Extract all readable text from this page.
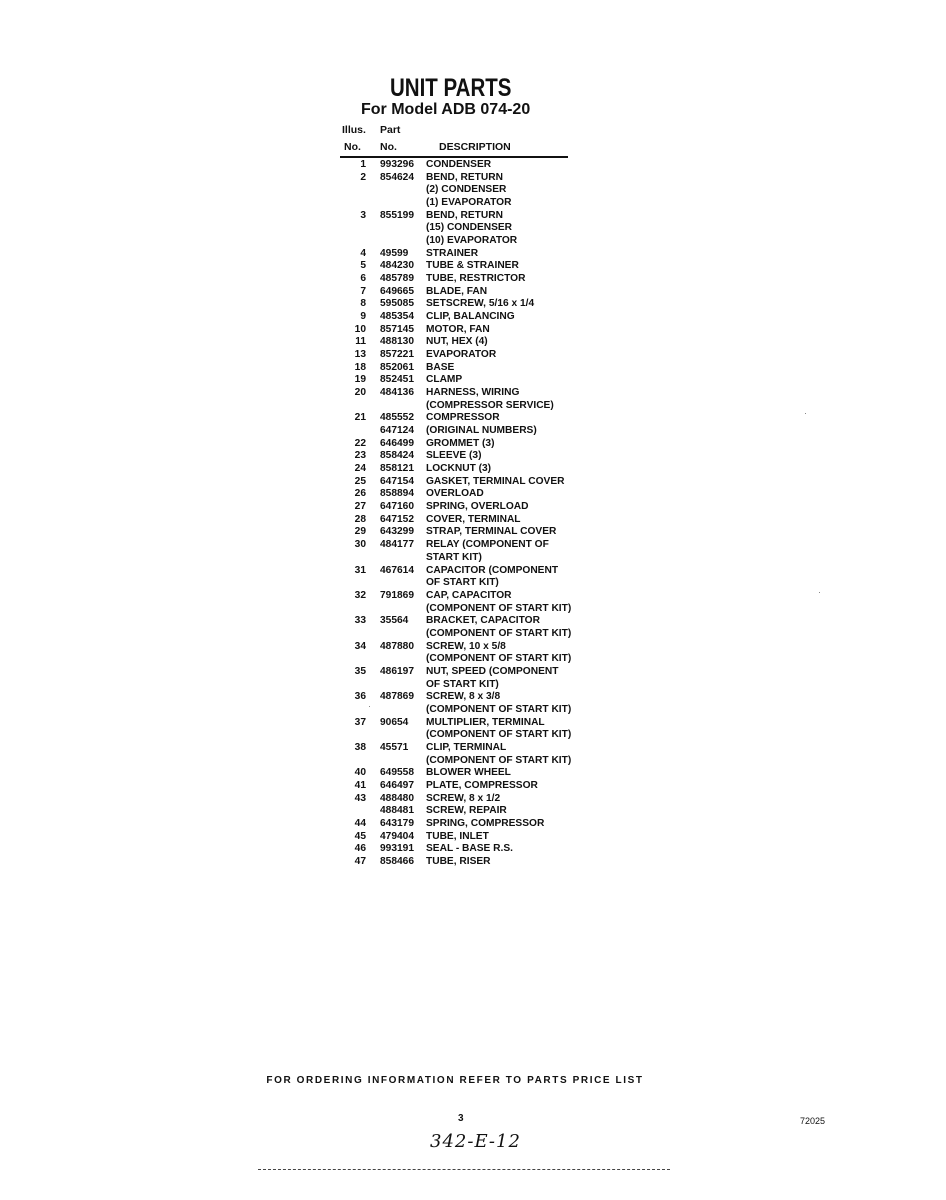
UNIT PARTS
For Model ADB 074-20
Illus.
No.
Part
No.	DESCRIPTION
1 993296 CONDENSER
2 854624 BEND, RETURN
(2) CONDENSER
(1) EVAPORATOR
3 855199 BEND, RETURN
(15) CONDENSER
(10) EVAPORATOR
4 49599 STRAINER
5 484230 TUBE & STRAINER
6 485789 TUBE, RESTRICTOR
7 649665 BLADE, FAN
8 595085 SETSCREW, 5/16 x 1/4
9 485354 CLIP, BALANCING
10 857145 MOTOR, FAN
11 488130 NUT, HEX (4)
13 857221 EVAPORATOR
18 852061 BASE
19 852451 CLAMP
20 484136 HARNESS, WIRING
(COMPRESSOR SERVICE)
21 485552 COMPRESSOR
647124 (ORIGINAL NUMBERS)
22 646499 GROMMET (3)
23 858424 SLEEVE (3)
24 858121 LOCKNUT (3)
25 647154 GASKET, TERMINAL COVER
26 858894 OVERLOAD
27 647160 SPRING, OVERLOAD
28 647152 COVER, TERMINAL
29 643299 STRAP, TERMINAL COVER
30 484177 RELAY (COMPONENT OF
START KIT)
31 467614 CAPACITOR (COMPONENT
OF START KIT)
32 791869 CAP, CAPACITOR
(COMPONENT OF START KIT)
33 35564 BRACKET, CAPACITOR
(COMPONENT OF START KIT)
34 487880 SCREW, 10 x 5/8
(COMPONENT OF START KIT)
35 486197 NUT, SPEED (COMPONENT
OF START KIT)
36 487869 SCREW, 8 x 3/8
(COMPONENT OF START KIT)
37 90654 MULTIPLIER, TERMINAL
(COMPONENT OF START KIT)
38 45571 CLIP, TERMINAL
(COMPONENT OF START KIT)
40 649558 BLOWER WHEEL
41 646497 PLATE, COMPRESSOR
43 488480 SCREW, 8 x 1/2
488481 SCREW, REPAIR
44 643179 SPRING, COMPRESSOR
45 479404 TUBE, INLET
46 993191 SEAL - BASE R.S.
47 858466 TUBE, RISER
FOR ORDERING INFORMATION REFER TO PARTS PRICE LIST
3	72025
342-E-12
